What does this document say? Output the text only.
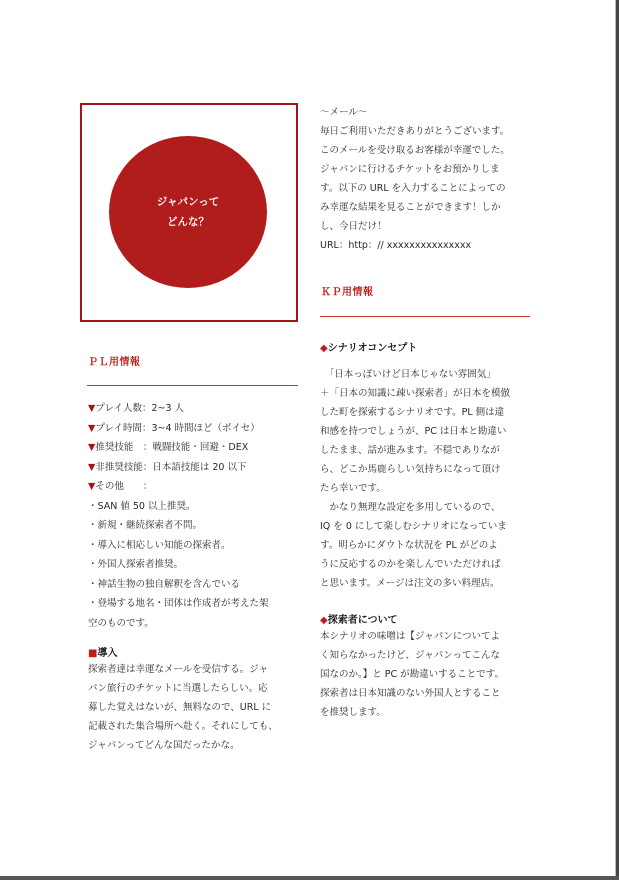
ジャパンって
どんな？

〜メール〜
毎日ご利用いただきありがとうございます。
このメールを受け取るお客様が幸運でした。
ジャパンに行けるチケットをお預かりしま
す。以下の URL を入力することによっての
み幸運な結果を見ることができます！しか
し、今日だけ！
URL：http：// xxxxxxxxxxxxxxx

ＫＰ用情報
◆シナリオコンセプト

　「日本っぽいけど日本じゃない雰囲気」
＋「日本の知識に疎い探索者」が日本を模倣
した町を探索するシナリオです。PL 側は違
和感を持つでしょうが、PC は日本と勘違い
したまま、話が進みます。不穏でありなが
ら、どこか馬鹿らしい気持ちになって頂け
たら幸いです。
　かなり無理な設定を多用しているので、
IQ を 0 にして楽しむシナリオになっていま
す。明らかにダウトな状況を PL がどのよ
うに反応するのかを楽しんでいただければ
と思います。メージは注文の多い料理店。

◆探索者について

本シナリオの味噌は【ジャパンについてよ
く知らなかったけど、ジャパンってこんな
国なのか。】と PC が勘違いすることです。
探索者は日本知識のない外国人とすること
を推奨します。

ＰＬ用情報
▼プレイ人数：2~3 人
▼プレイ時間：3~4 時間ほど（ボイセ）
▼推奨技能　：戦闘技能・回避・DEX
▼非推奨技能：日本語技能は 20 以下
▼その他　　：
・SAN 値 50 以上推奨。
・新規・継続探索者不問。
・導入に相応しい知能の探索者。
・外国人探索者推奨。
・神話生物の独自解釈を含んでいる
・登場する地名・団体は作成者が考えた架
空のものです。
■導入

探索者達は幸運なメールを受信する。ジャ
パン旅行のチケットに当選したらしい。応
募した覚えはないが、無料なので、URL に
記載された集合場所へ赴く。それにしても、
ジャパンってどんな国だったかな。
